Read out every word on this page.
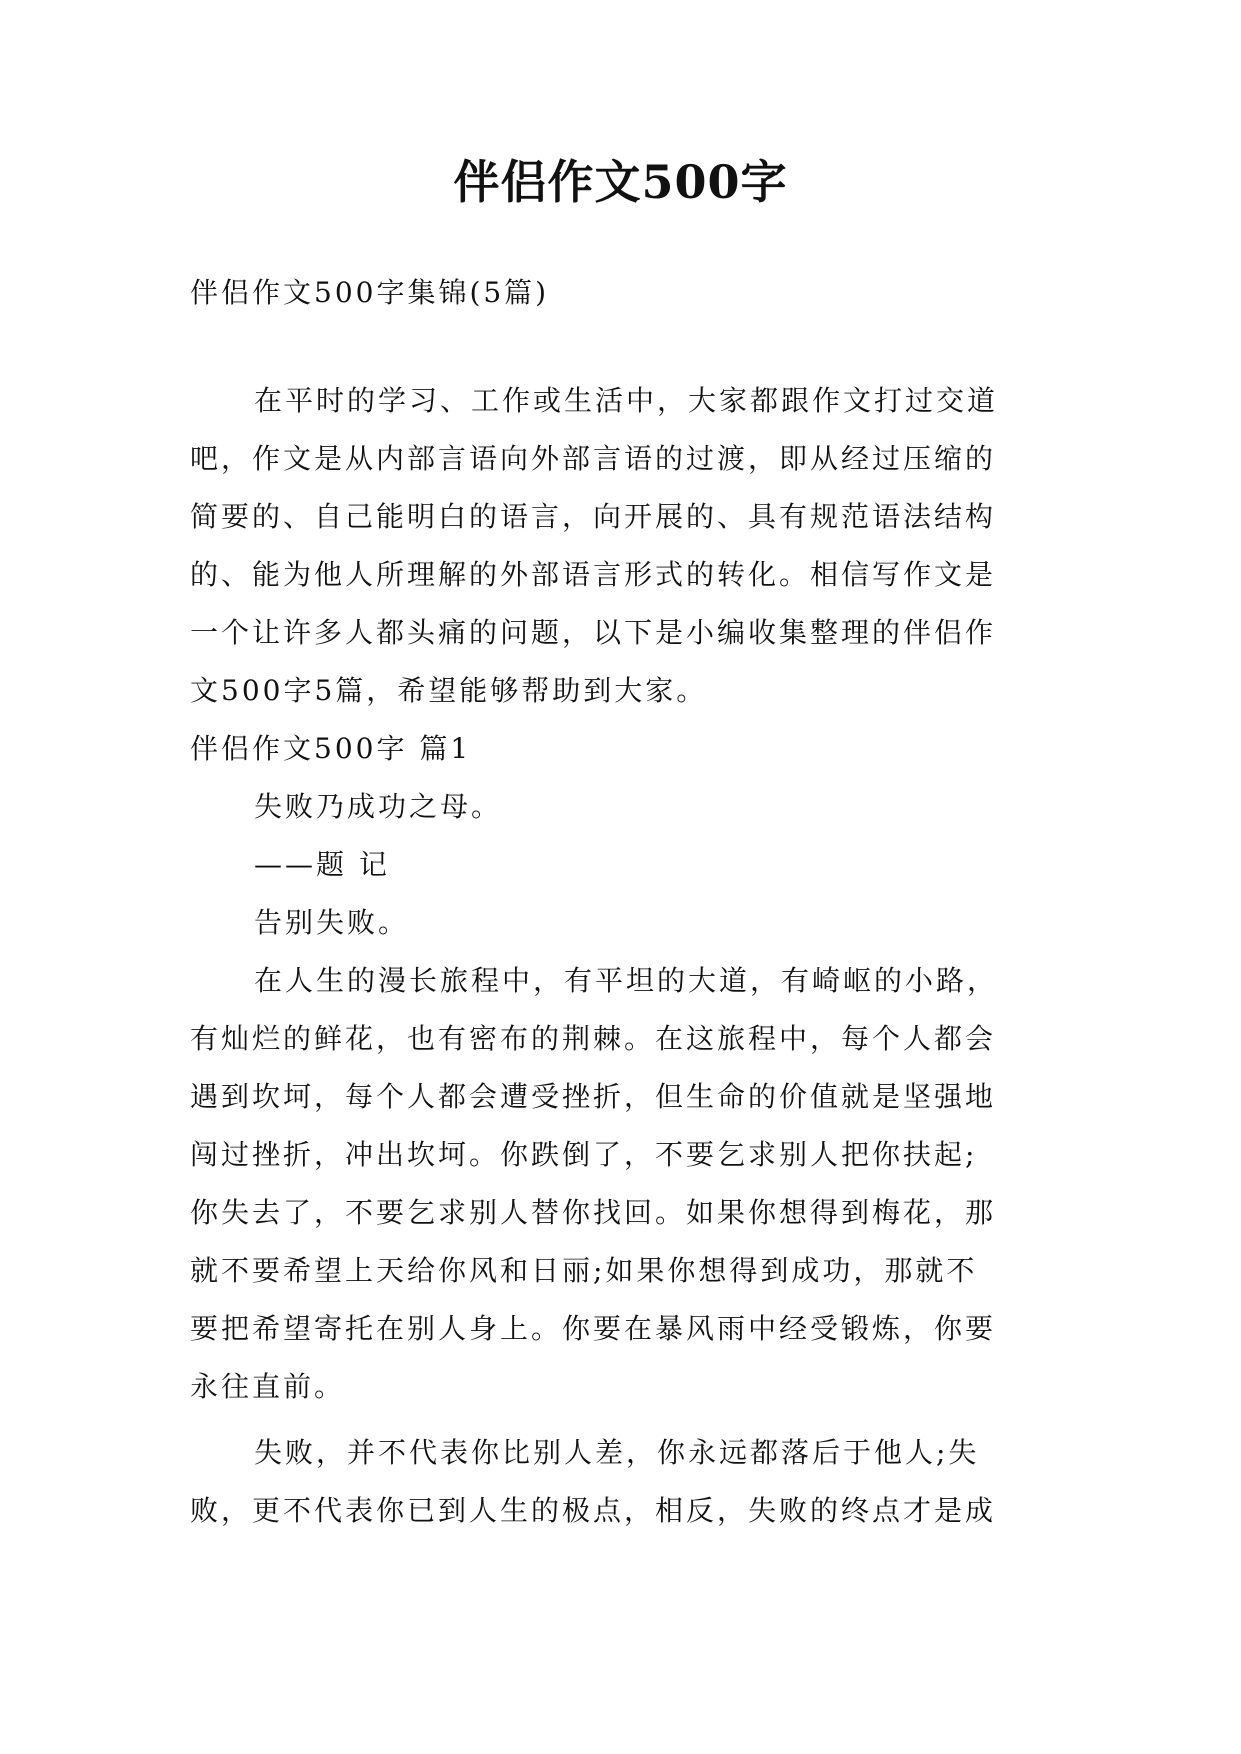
伴侣作文500字
伴侣作文500字集锦(5篇)
在平时的学习、工作或生活中，大家都跟作文打过交道
吧，作文是从内部言语向外部言语的过渡，即从经过压缩的
简要的、自己能明白的语言，向开展的、具有规范语法结构
的、能为他人所理解的外部语言形式的转化。相信写作文是
一个让许多人都头痛的问题，以下是小编收集整理的伴侣作
文500字5篇，希望能够帮助到大家。
伴侣作文500字 篇1
失败乃成功之母。
——题 记
告别失败。
在人生的漫长旅程中，有平坦的大道，有崎岖的小路，
有灿烂的鲜花，也有密布的荆棘。在这旅程中，每个人都会
遇到坎坷，每个人都会遭受挫折，但生命的价值就是坚强地
闯过挫折，冲出坎坷。你跌倒了，不要乞求别人把你扶起;
你失去了，不要乞求别人替你找回。如果你想得到梅花，那
就不要希望上天给你风和日丽;如果你想得到成功，那就不
要把希望寄托在别人身上。你要在暴风雨中经受锻炼，你要
永往直前。
失败，并不代表你比别人差，你永远都落后于他人;失
败，更不代表你已到人生的极点，相反，失败的终点才是成
